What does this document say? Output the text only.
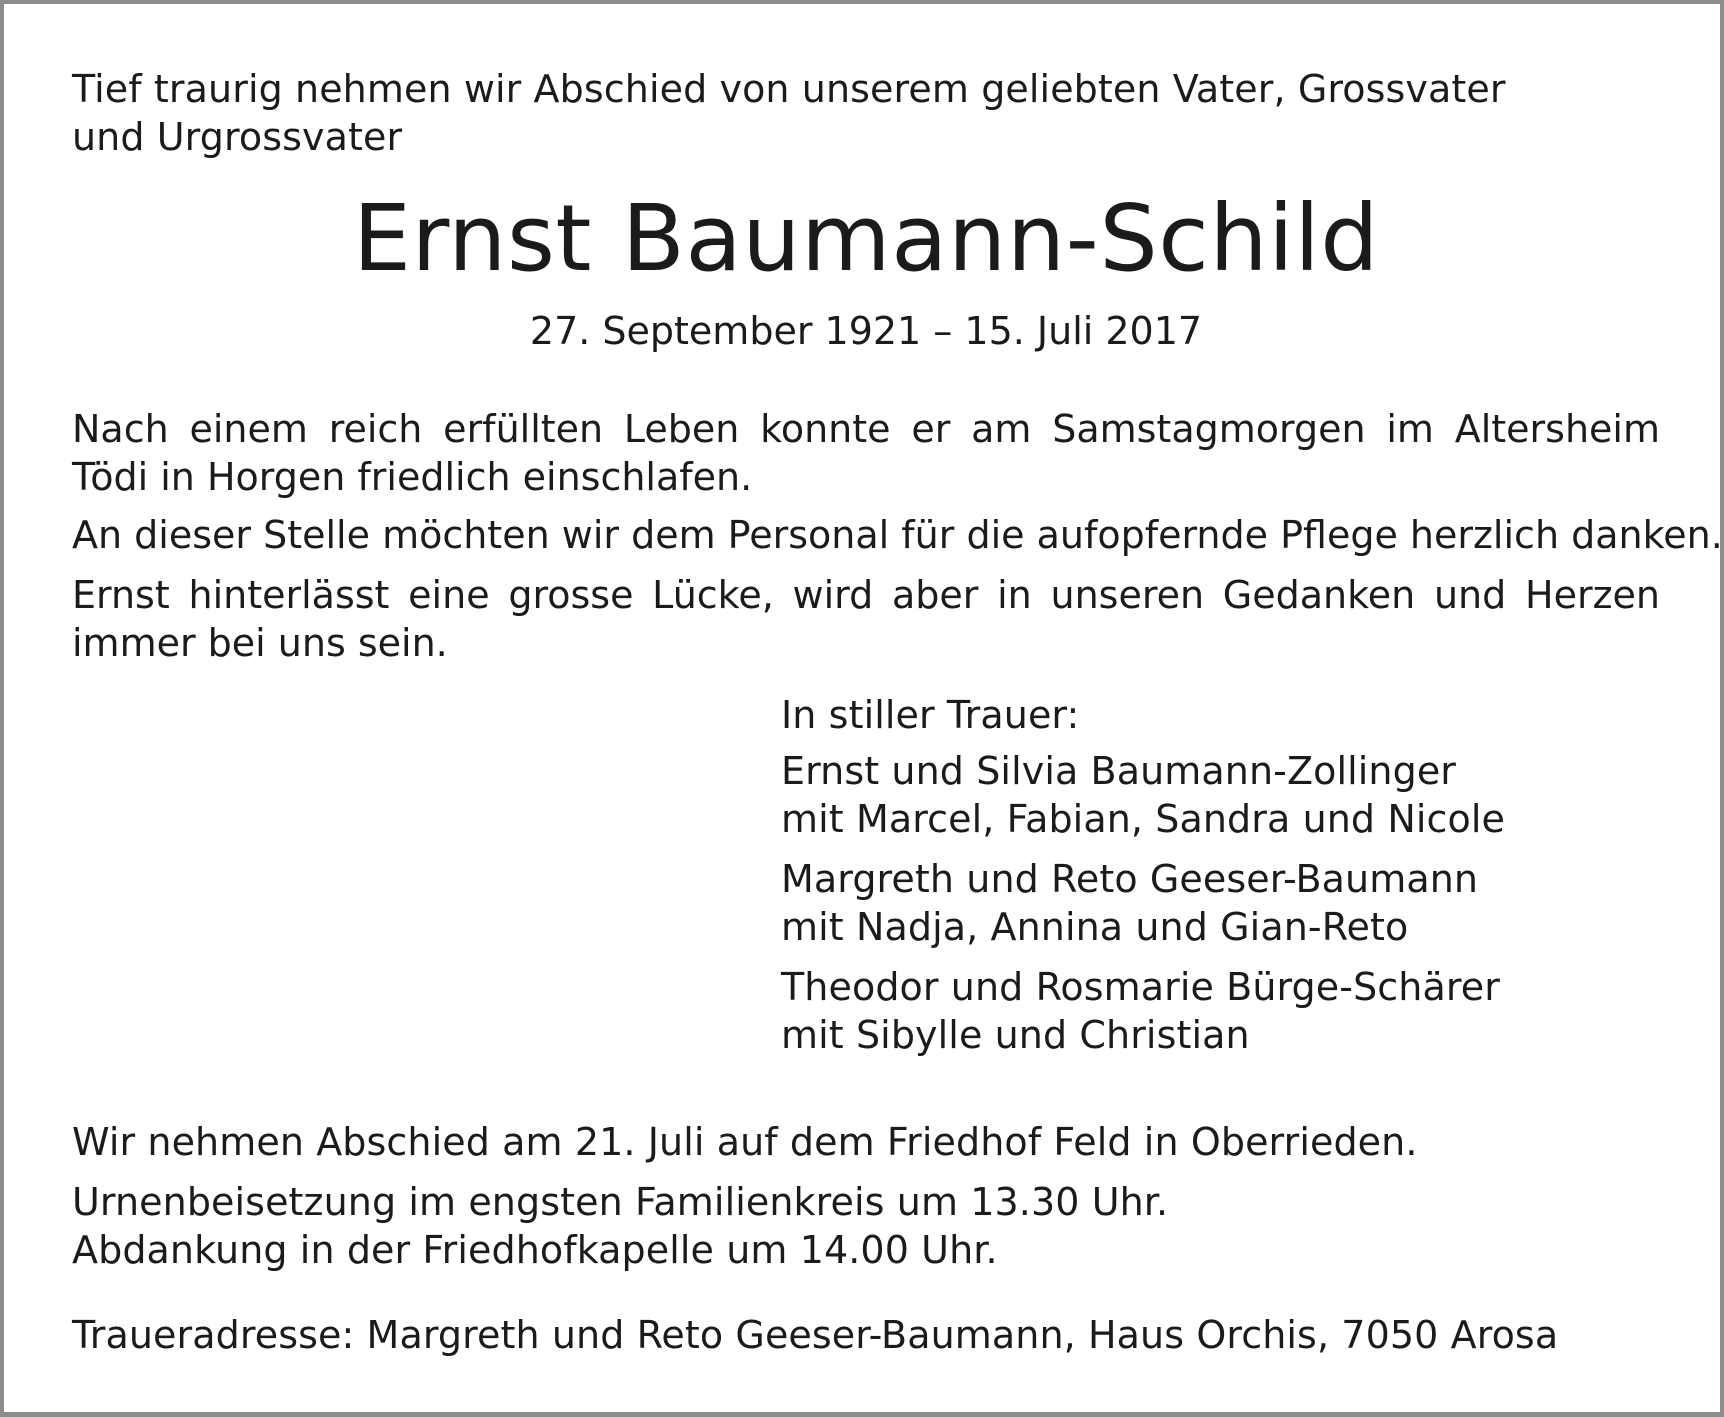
Tief traurig nehmen wir Abschied von unserem geliebten Vater, Grossvater
und Urgrossvater
Ernst Baumann-Schild
27. September 1921 – 15. Juli 2017

Nach einem reich erfüllten Leben konnte er am Samstagmorgen im Altersheim Tödi in Horgen friedlich einschlafen.

An dieser Stelle möchten wir dem Personal für die aufopfernde Pflege herzlich danken.

Ernst hinterlässt eine grosse Lücke, wird aber in unseren Gedanken und Herzen immer bei uns sein.

In stiller Trauer:
Ernst und Silvia Baumann-Zollinger
mit Marcel, Fabian, Sandra und Nicole
Margreth und Reto Geeser-Baumann
mit Nadja, Annina und Gian-Reto
Theodor und Rosmarie Bürge-Schärer
mit Sibylle und Christian
Wir nehmen Abschied am 21. Juli auf dem Friedhof Feld in Oberrieden.
Urnenbeisetzung im engsten Familienkreis um 13.30 Uhr.
Abdankung in der Friedhofkapelle um 14.00 Uhr.
Traueradresse: Margreth und Reto Geeser-Baumann, Haus Orchis, 7050 Arosa
